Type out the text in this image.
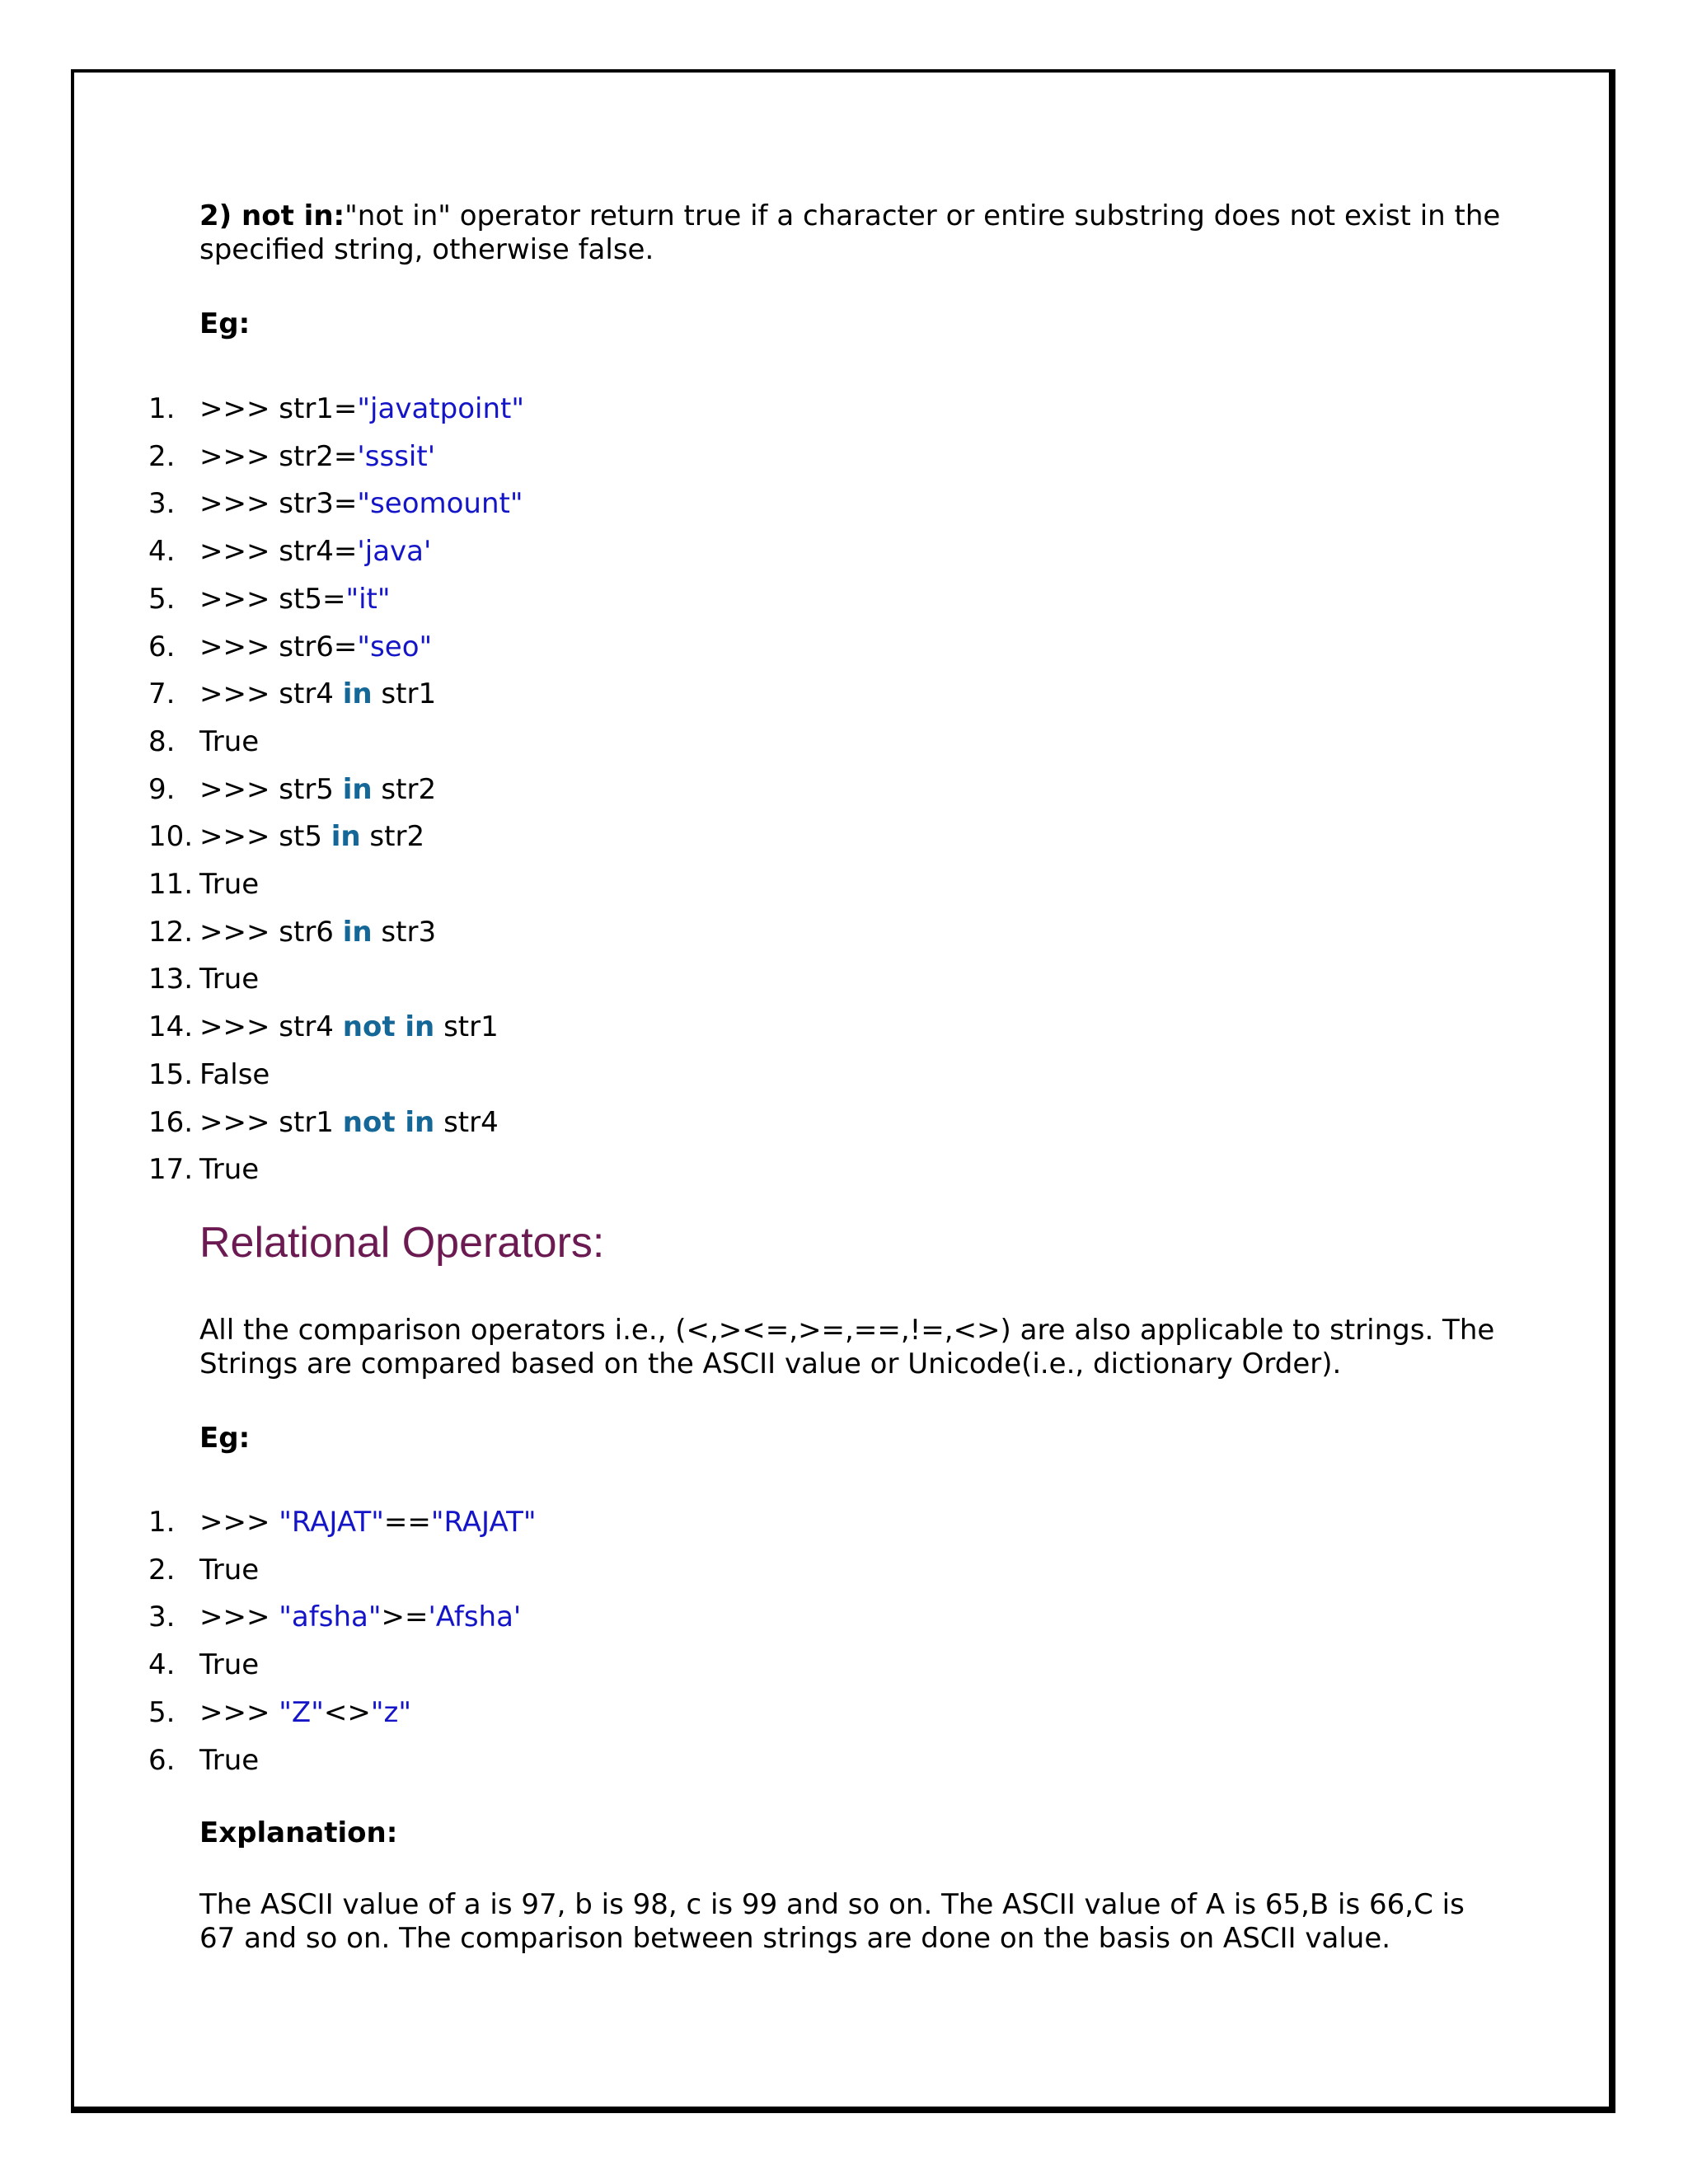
2) not in:"not in" operator return true if a character or entire substring does not exist in the specified string, otherwise false.

Eg:

1. >>> str1="javatpoint"
2. >>> str2='sssit'
3. >>> str3="seomount"
4. >>> str4='java'
5. >>> st5="it"
6. >>> str6="seo"
7. >>> str4 in str1
8. True
9. >>> str5 in str2
10. >>> st5 in str2
11. True
12. >>> str6 in str3
13. True
14. >>> str4 not in str1
15. False
16. >>> str1 not in str4
17. True
Relational Operators:

All the comparison operators i.e., (<,><=,>=,==,!=,<>) are also applicable to strings. The Strings are compared based on the ASCII value or Unicode(i.e., dictionary Order).

Eg:

1. >>> "RAJAT"=="RAJAT"
2. True
3. >>> "afsha">='Afsha'
4. True
5. >>> "Z"<>"z"
6. True

Explanation:

The ASCII value of a is 97, b is 98, c is 99 and so on. The ASCII value of A is 65,B is 66,C is 67 and so on. The comparison between strings are done on the basis on ASCII value.
